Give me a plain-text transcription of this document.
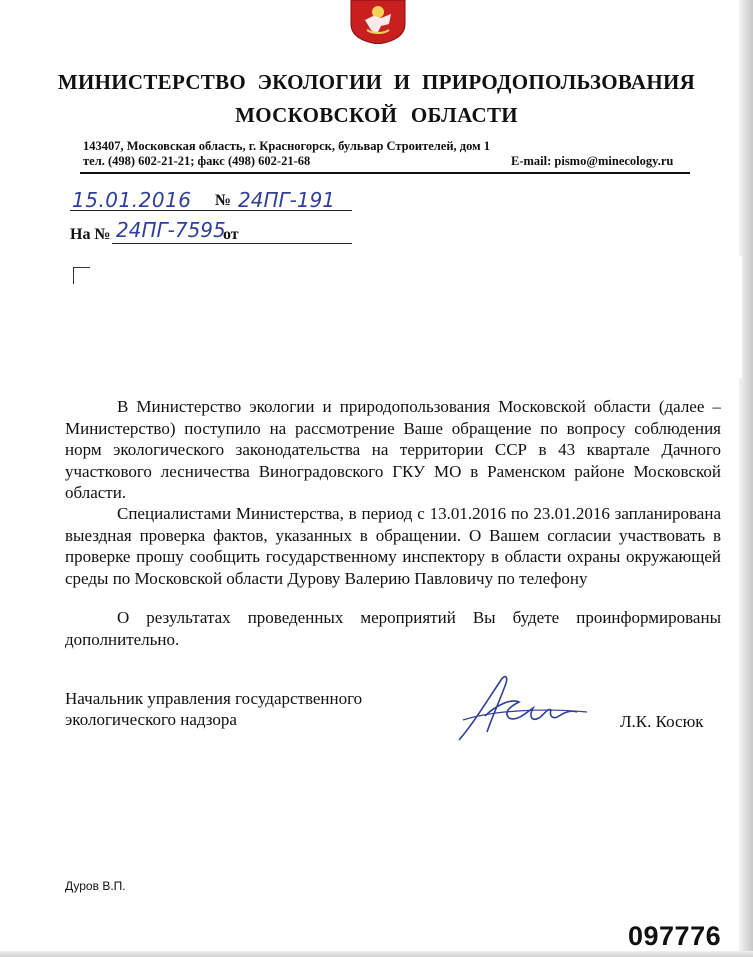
МИНИСТЕРСТВО ЭКОЛОГИИ И ПРИРОДОПОЛЬЗОВАНИЯ
МОСКОВСКОЙ ОБЛАСТИ
143407, Московская область, г. Красногорск, бульвар Строителей, дом 1
тел. (498) 602-21-21; факс (498) 602-21-68	E-mail: pismo@minecology.ru
15.01.2016 № 24ПГ-191
На № 24ПГ-7595
от
В Министерство экологии и природопользования Московской области (далее – Министерство) поступило на рассмотрение Ваше обращение по вопросу соблюдения норм экологического законодательства на территории ССР в 43 квартале Дачного участкового лесничества Виноградовского ГКУ МО в Раменском районе Московской области.
Специалистами Министерства, в период с 13.01.2016 по 23.01.2016 запланирована выездная проверка фактов, указанных в обращении. О Вашем согласии участвовать в проверке прошу сообщить государственному инспектору в области охраны окружающей среды по Московской области Дурову Валерию Павловичу по телефону
О результатах проведенных мероприятий Вы будете проинформированы дополнительно.
Начальник управления государственного
экологического надзора	Л.К. Косюк
Дуров В.П.
097776
